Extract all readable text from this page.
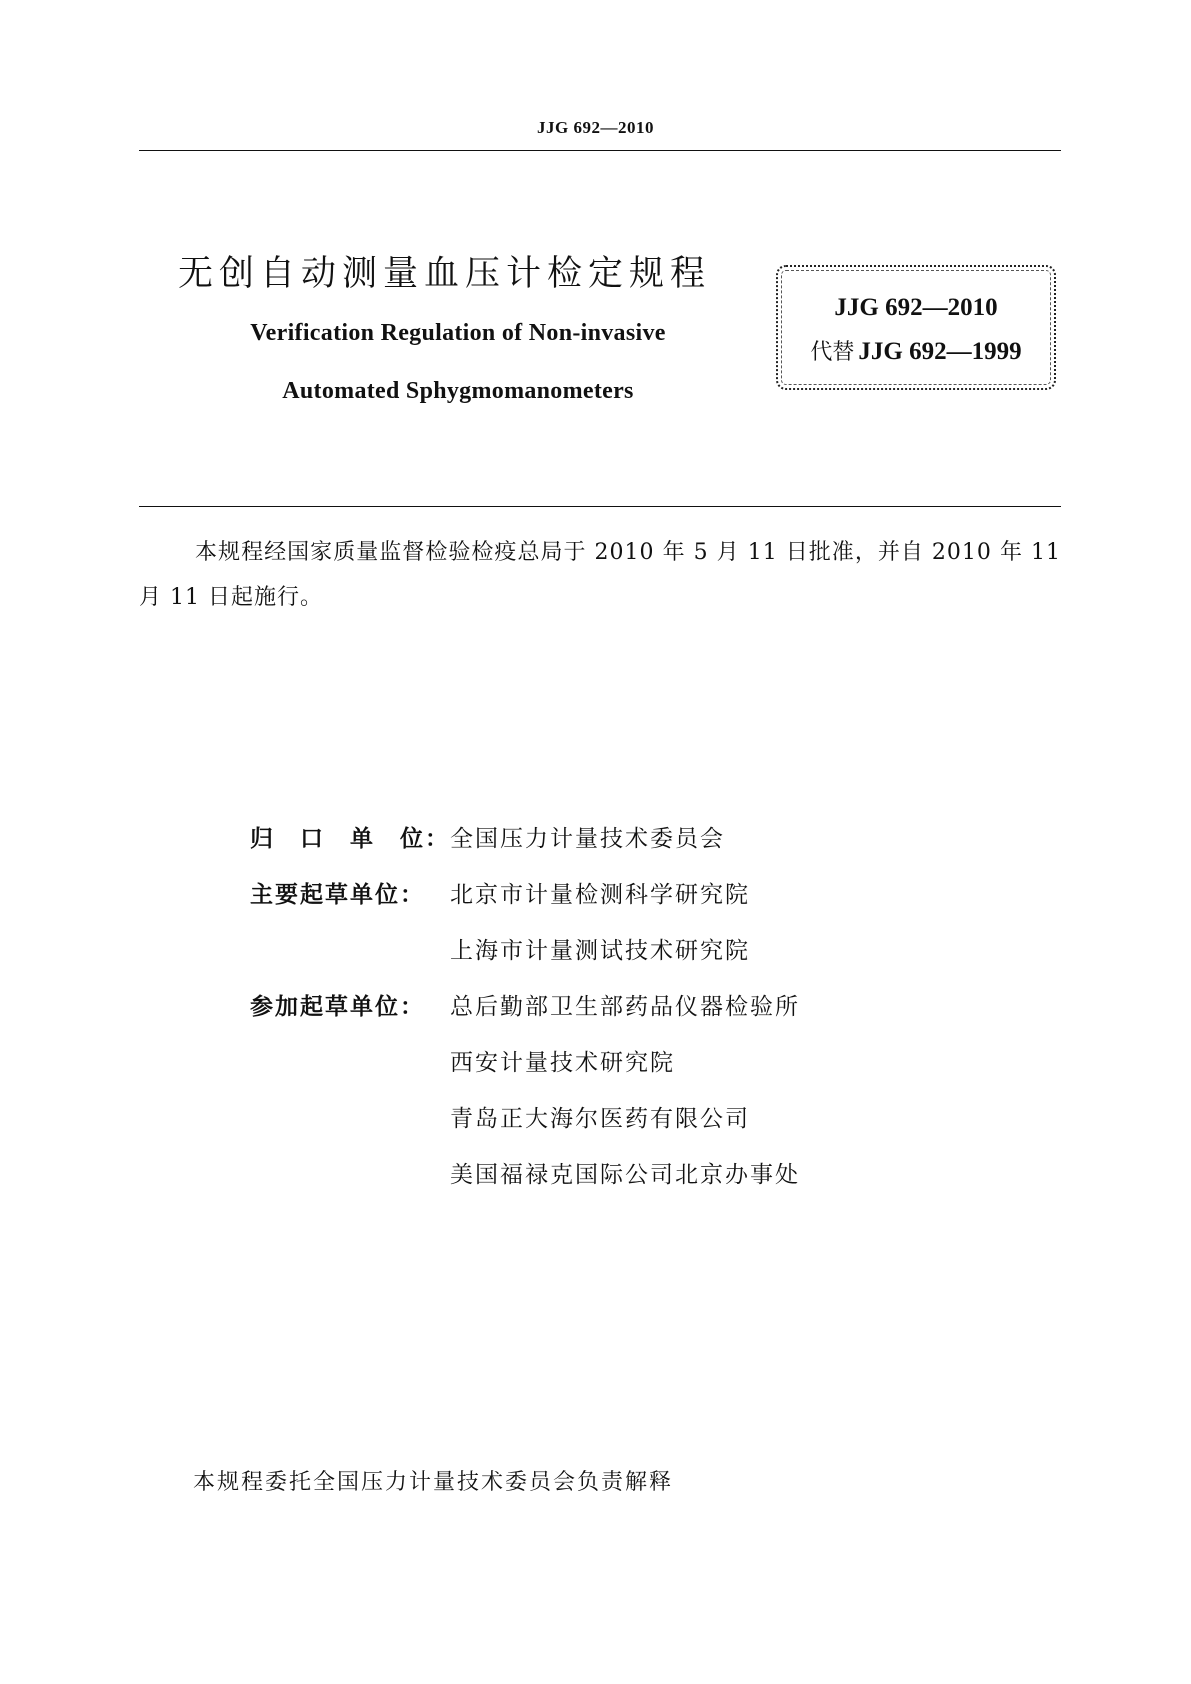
JJG 692—2010
无创自动测量血压计检定规程
Verification Regulation of Non-invasive
Automated Sphygmomanometers
JJG 692—2010
代替 JJG 692—1999
本规程经国家质量监督检验检疫总局于 2010 年 5 月 11 日批准，并自 2010 年 11 月 11 日起施行。
归 口 单 位： 全国压力计量技术委员会
主要起草单位：	北京市计量检测科学研究院
上海市计量测试技术研究院
参加起草单位：	总后勤部卫生部药品仪器检验所
西安计量技术研究院
青岛正大海尔医药有限公司
美国福禄克国际公司北京办事处
本规程委托全国压力计量技术委员会负责解释
